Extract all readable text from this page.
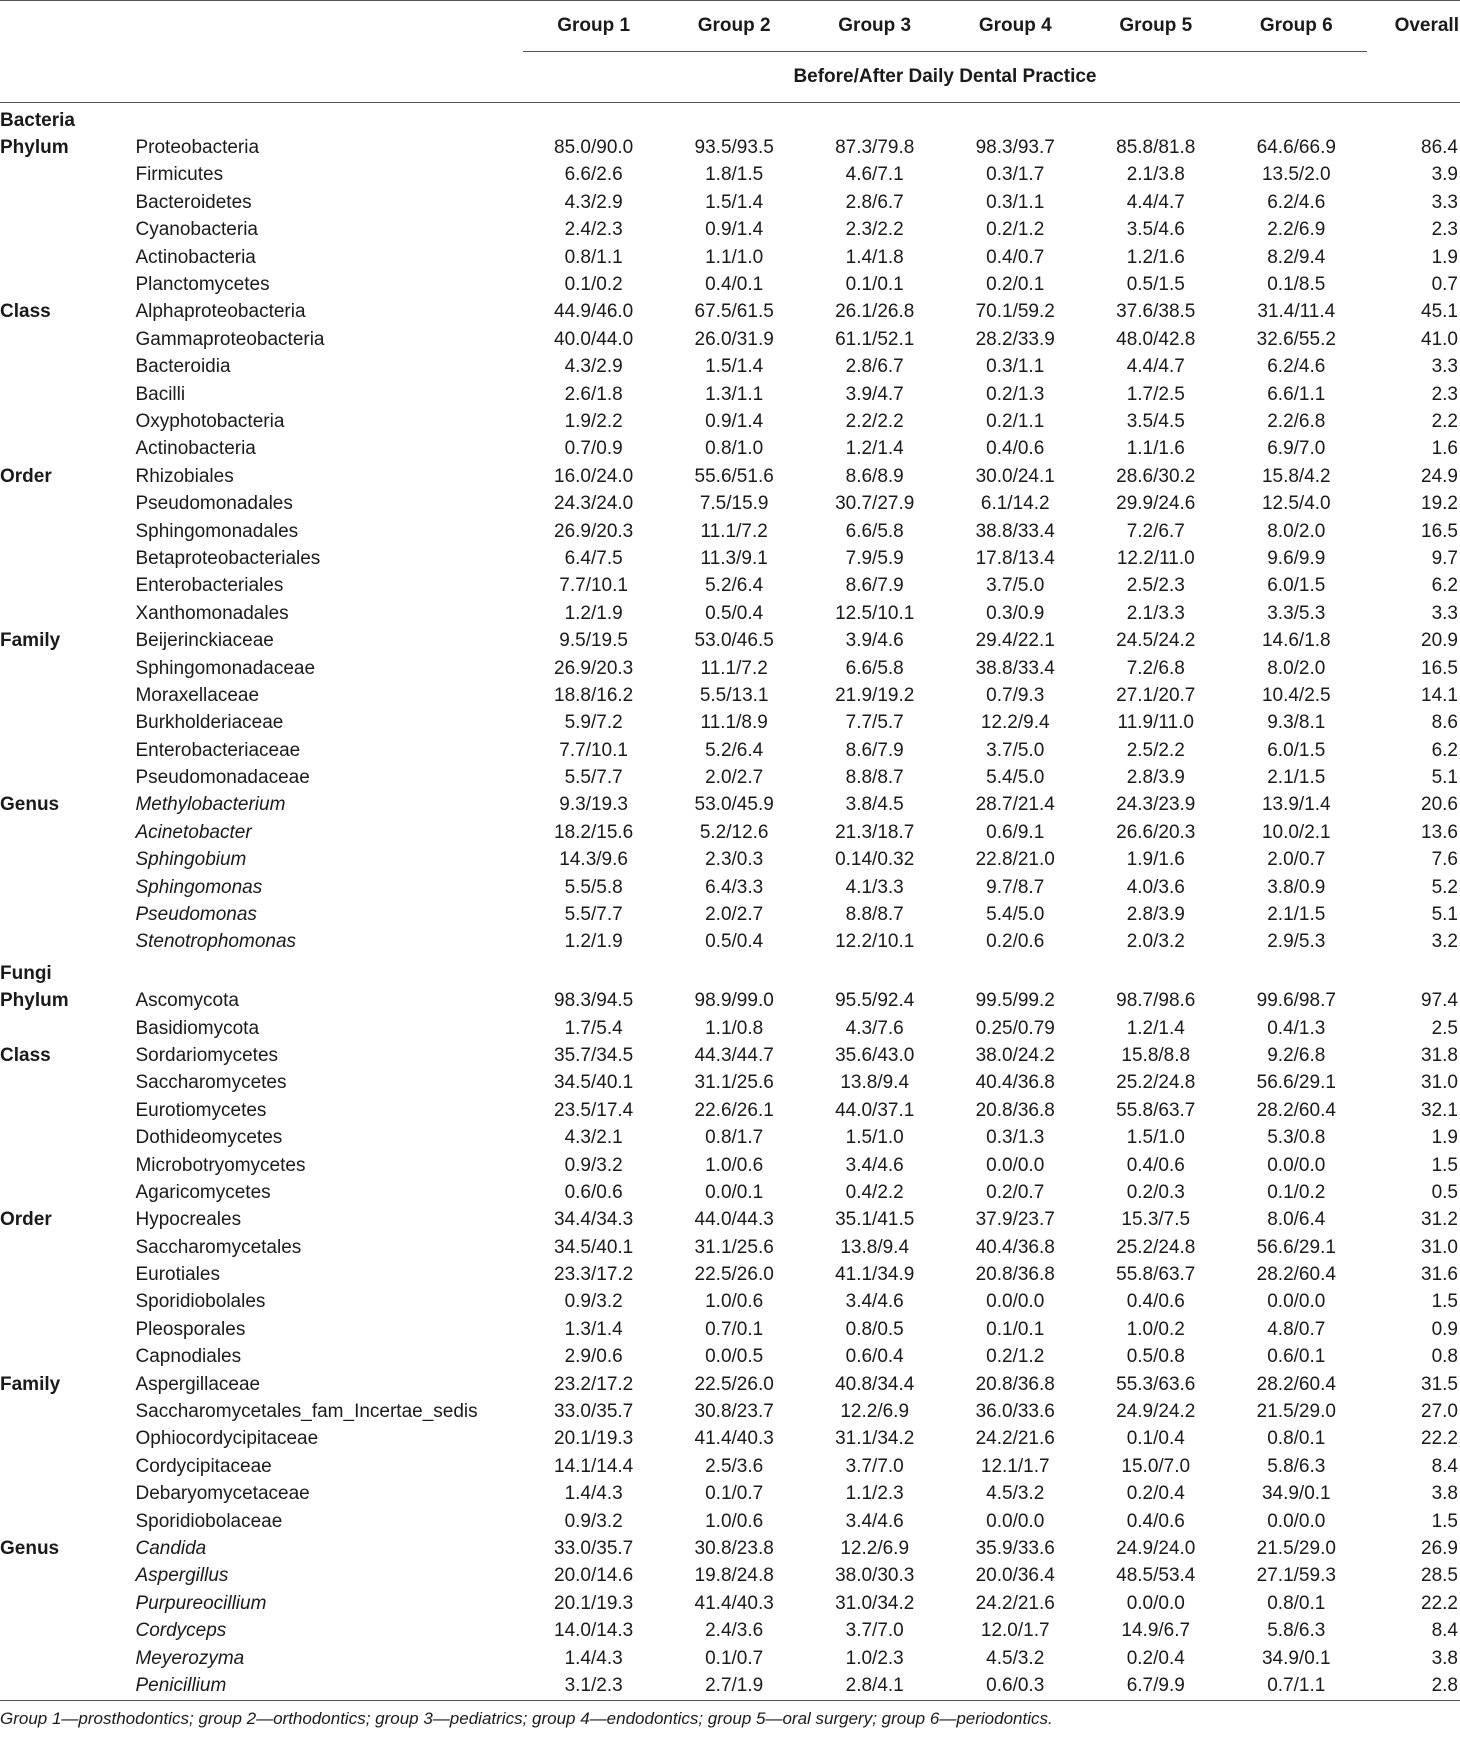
		Group 1	Group 2	Group 3	Group 4	Group 5	Group 6	Overall
		Before/After Daily Dental Practice						
Bacteria								
Phylum	Proteobacteria	85.0/90.0	93.5/93.5	87.3/79.8	98.3/93.7	85.8/81.8	64.6/66.9	86.4
	Firmicutes	6.6/2.6	1.8/1.5	4.6/7.1	0.3/1.7	2.1/3.8	13.5/2.0	3.9
	Bacteroidetes	4.3/2.9	1.5/1.4	2.8/6.7	0.3/1.1	4.4/4.7	6.2/4.6	3.3
	Cyanobacteria	2.4/2.3	0.9/1.4	2.3/2.2	0.2/1.2	3.5/4.6	2.2/6.9	2.3
	Actinobacteria	0.8/1.1	1.1/1.0	1.4/1.8	0.4/0.7	1.2/1.6	8.2/9.4	1.9
	Planctomycetes	0.1/0.2	0.4/0.1	0.1/0.1	0.2/0.1	0.5/1.5	0.1/8.5	0.7
Class	Alphaproteobacteria	44.9/46.0	67.5/61.5	26.1/26.8	70.1/59.2	37.6/38.5	31.4/11.4	45.1
	Gammaproteobacteria	40.0/44.0	26.0/31.9	61.1/52.1	28.2/33.9	48.0/42.8	32.6/55.2	41.0
	Bacteroidia	4.3/2.9	1.5/1.4	2.8/6.7	0.3/1.1	4.4/4.7	6.2/4.6	3.3
	Bacilli	2.6/1.8	1.3/1.1	3.9/4.7	0.2/1.3	1.7/2.5	6.6/1.1	2.3
	Oxyphotobacteria	1.9/2.2	0.9/1.4	2.2/2.2	0.2/1.1	3.5/4.5	2.2/6.8	2.2
	Actinobacteria	0.7/0.9	0.8/1.0	1.2/1.4	0.4/0.6	1.1/1.6	6.9/7.0	1.6
Order	Rhizobiales	16.0/24.0	55.6/51.6	8.6/8.9	30.0/24.1	28.6/30.2	15.8/4.2	24.9
	Pseudomonadales	24.3/24.0	7.5/15.9	30.7/27.9	6.1/14.2	29.9/24.6	12.5/4.0	19.2
	Sphingomonadales	26.9/20.3	11.1/7.2	6.6/5.8	38.8/33.4	7.2/6.7	8.0/2.0	16.5
	Betaproteobacteriales	6.4/7.5	11.3/9.1	7.9/5.9	17.8/13.4	12.2/11.0	9.6/9.9	9.7
	Enterobacteriales	7.7/10.1	5.2/6.4	8.6/7.9	3.7/5.0	2.5/2.3	6.0/1.5	6.2
	Xanthomonadales	1.2/1.9	0.5/0.4	12.5/10.1	0.3/0.9	2.1/3.3	3.3/5.3	3.3
Family	Beijerinckiaceae	9.5/19.5	53.0/46.5	3.9/4.6	29.4/22.1	24.5/24.2	14.6/1.8	20.9
	Sphingomonadaceae	26.9/20.3	11.1/7.2	6.6/5.8	38.8/33.4	7.2/6.8	8.0/2.0	16.5
	Moraxellaceae	18.8/16.2	5.5/13.1	21.9/19.2	0.7/9.3	27.1/20.7	10.4/2.5	14.1
	Burkholderiaceae	5.9/7.2	11.1/8.9	7.7/5.7	12.2/9.4	11.9/11.0	9.3/8.1	8.6
	Enterobacteriaceae	7.7/10.1	5.2/6.4	8.6/7.9	3.7/5.0	2.5/2.2	6.0/1.5	6.2
	Pseudomonadaceae	5.5/7.7	2.0/2.7	8.8/8.7	5.4/5.0	2.8/3.9	2.1/1.5	5.1
Genus	Methylobacterium	9.3/19.3	53.0/45.9	3.8/4.5	28.7/21.4	24.3/23.9	13.9/1.4	20.6
	Acinetobacter	18.2/15.6	5.2/12.6	21.3/18.7	0.6/9.1	26.6/20.3	10.0/2.1	13.6
	Sphingobium	14.3/9.6	2.3/0.3	0.14/0.32	22.8/21.0	1.9/1.6	2.0/0.7	7.6
	Sphingomonas	5.5/5.8	6.4/3.3	4.1/3.3	9.7/8.7	4.0/3.6	3.8/0.9	5.2
	Pseudomonas	5.5/7.7	2.0/2.7	8.8/8.7	5.4/5.0	2.8/3.9	2.1/1.5	5.1
	Stenotrophomonas	1.2/1.9	0.5/0.4	12.2/10.1	0.2/0.6	2.0/3.2	2.9/5.3	3.2
Fungi								
Phylum	Ascomycota	98.3/94.5	98.9/99.0	95.5/92.4	99.5/99.2	98.7/98.6	99.6/98.7	97.4
	Basidiomycota	1.7/5.4	1.1/0.8	4.3/7.6	0.25/0.79	1.2/1.4	0.4/1.3	2.5
Class	Sordariomycetes	35.7/34.5	44.3/44.7	35.6/43.0	38.0/24.2	15.8/8.8	9.2/6.8	31.8
	Saccharomycetes	34.5/40.1	31.1/25.6	13.8/9.4	40.4/36.8	25.2/24.8	56.6/29.1	31.0
	Eurotiomycetes	23.5/17.4	22.6/26.1	44.0/37.1	20.8/36.8	55.8/63.7	28.2/60.4	32.1
	Dothideomycetes	4.3/2.1	0.8/1.7	1.5/1.0	0.3/1.3	1.5/1.0	5.3/0.8	1.9
	Microbotryomycetes	0.9/3.2	1.0/0.6	3.4/4.6	0.0/0.0	0.4/0.6	0.0/0.0	1.5
	Agaricomycetes	0.6/0.6	0.0/0.1	0.4/2.2	0.2/0.7	0.2/0.3	0.1/0.2	0.5
Order	Hypocreales	34.4/34.3	44.0/44.3	35.1/41.5	37.9/23.7	15.3/7.5	8.0/6.4	31.2
	Saccharomycetales	34.5/40.1	31.1/25.6	13.8/9.4	40.4/36.8	25.2/24.8	56.6/29.1	31.0
	Eurotiales	23.3/17.2	22.5/26.0	41.1/34.9	20.8/36.8	55.8/63.7	28.2/60.4	31.6
	Sporidiobolales	0.9/3.2	1.0/0.6	3.4/4.6	0.0/0.0	0.4/0.6	0.0/0.0	1.5
	Pleosporales	1.3/1.4	0.7/0.1	0.8/0.5	0.1/0.1	1.0/0.2	4.8/0.7	0.9
	Capnodiales	2.9/0.6	0.0/0.5	0.6/0.4	0.2/1.2	0.5/0.8	0.6/0.1	0.8
Family	Aspergillaceae	23.2/17.2	22.5/26.0	40.8/34.4	20.8/36.8	55.3/63.6	28.2/60.4	31.5
	Saccharomycetales_fam_Incertae_sedis	33.0/35.7	30.8/23.7	12.2/6.9	36.0/33.6	24.9/24.2	21.5/29.0	27.0
	Ophiocordycipitaceae	20.1/19.3	41.4/40.3	31.1/34.2	24.2/21.6	0.1/0.4	0.8/0.1	22.2
	Cordycipitaceae	14.1/14.4	2.5/3.6	3.7/7.0	12.1/1.7	15.0/7.0	5.8/6.3	8.4
	Debaryomycetaceae	1.4/4.3	0.1/0.7	1.1/2.3	4.5/3.2	0.2/0.4	34.9/0.1	3.8
	Sporidiobolaceae	0.9/3.2	1.0/0.6	3.4/4.6	0.0/0.0	0.4/0.6	0.0/0.0	1.5
Genus	Candida	33.0/35.7	30.8/23.8	12.2/6.9	35.9/33.6	24.9/24.0	21.5/29.0	26.9
	Aspergillus	20.0/14.6	19.8/24.8	38.0/30.3	20.0/36.4	48.5/53.4	27.1/59.3	28.5
	Purpureocillium	20.1/19.3	41.4/40.3	31.0/34.2	24.2/21.6	0.0/0.0	0.8/0.1	22.2
	Cordyceps	14.0/14.3	2.4/3.6	3.7/7.0	12.0/1.7	14.9/6.7	5.8/6.3	8.4
	Meyerozyma	1.4/4.3	0.1/0.7	1.0/2.3	4.5/3.2	0.2/0.4	34.9/0.1	3.8
	Penicillium	3.1/2.3	2.7/1.9	2.8/4.1	0.6/0.3	6.7/9.9	0.7/1.1	2.8
Group 1—prosthodontics; group 2—orthodontics; group 3—pediatrics; group 4—endodontics; group 5—oral surgery; group 6—periodontics.								
